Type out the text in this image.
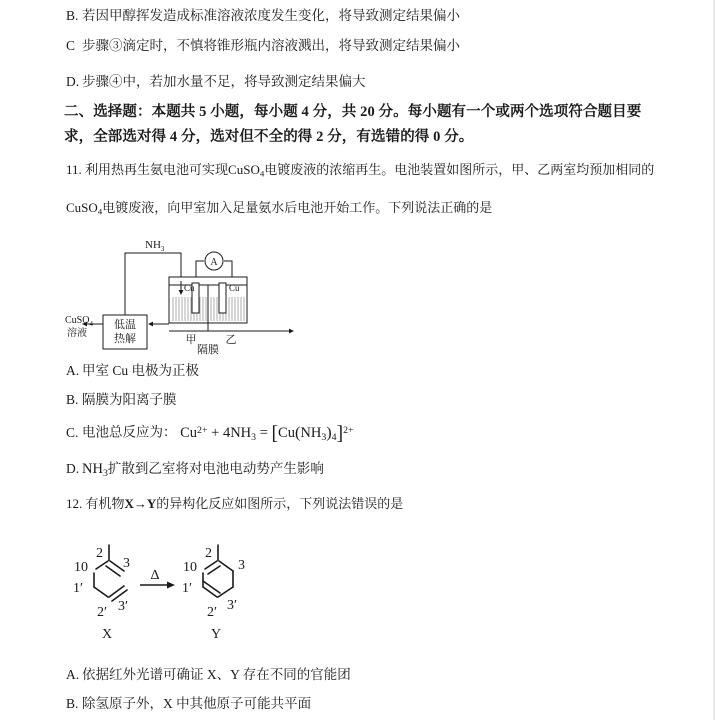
B. 若因甲醇挥发造成标准溶液浓度发生变化，将导致测定结果偏小
C 步骤③滴定时，不慎将锥形瓶内溶液溅出，将导致测定结果偏小
D. 步骤④中，若加水量不足，将导致测定结果偏大
二、选择题：本题共 5 小题，每小题 4 分，共 20 分。每小题有一个或两个选项符合题目要
求，全部选对得 4 分，选对但不全的得 2 分，有选错的得 0 分。
11. 利用热再生氨电池可实现CuSO$_4$电镀废液的浓缩再生。电池装置如图所示，甲、乙两室均预加相同的
CuSO$_4$电镀废液，向甲室加入足量氨水后电池开始工作。下列说法正确的是
A
$NH_3$
Cu	Cu
低温
热解
CuSO$_4$
溶液
甲	乙
隔膜
A. 甲室 Cu 电极为正极
B. 隔膜为阳离子膜
C. 电池总反应为： $Cu^{2+} + 4NH_3 = [Cu(NH_3)_4]^{2+}$
D. $NH_3$扩散到乙室将对电池电动势产生影响
12. 有机物X→Y的异构化反应如图所示，下列说法错误的是
2
3
10
1′
2′ 3′
Δ
2
3
10
1′
2′ 3′
X	Y
A. 依据红外光谱可确证 X、Y 存在不同的官能团
B. 除氢原子外，X 中其他原子可能共平面
